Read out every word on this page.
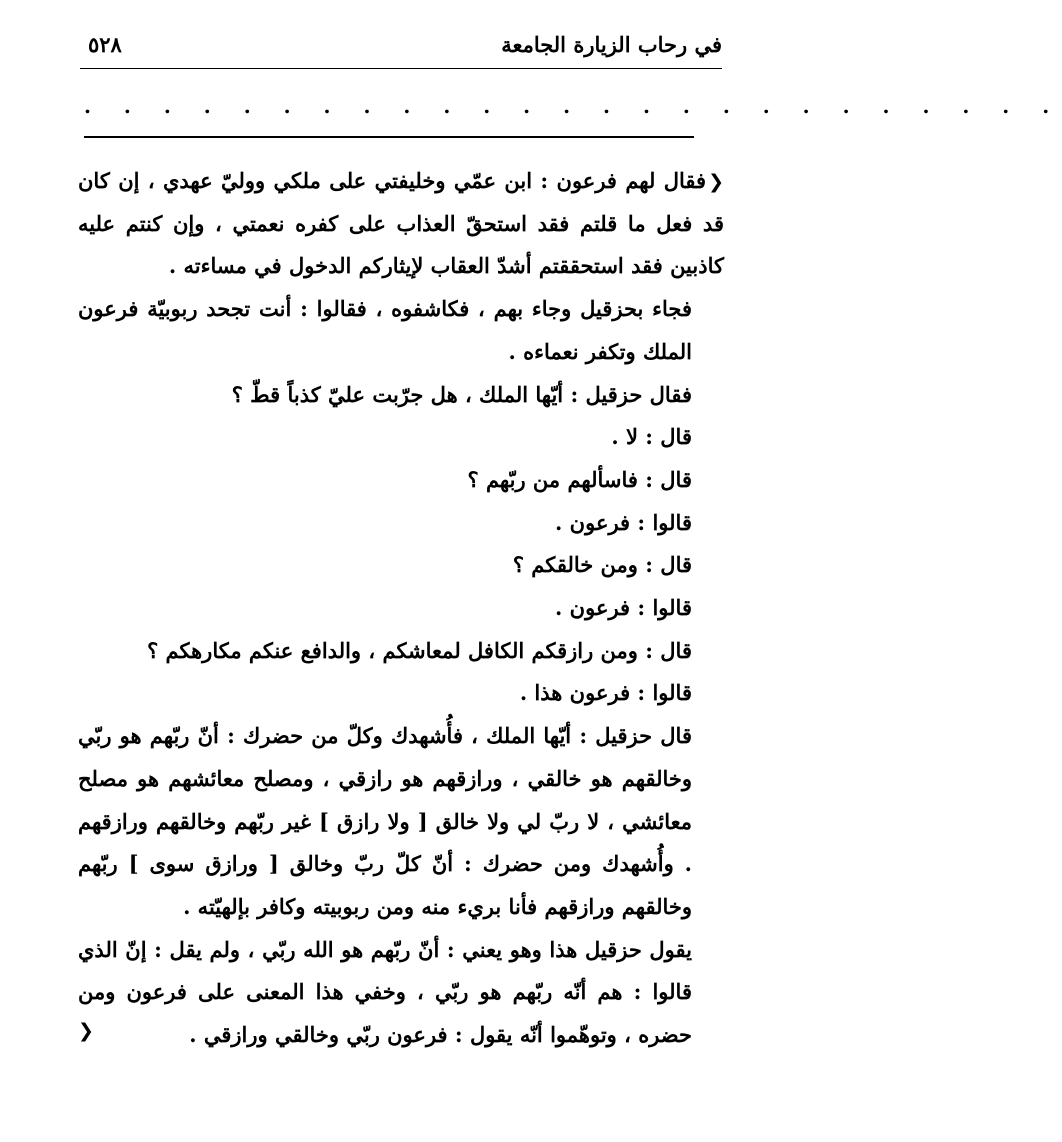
في رحاب الزيارة الجامعة
٥٢٨
. . . . . . . . . . . . . . . . . . . . . . . . .

❮فقال لهم فرعون : ابن عمّي وخليفتي على ملكي ووليّ عهدي ، إن كان قد فعل ما قلتم فقد استحقّ العذاب على كفره نعمتي ، وإن كنتم عليه كاذبين فقد استحققتم أشدّ العقاب لإيثاركم الدخول في مساءته .

فجاء بحزقيل وجاء بهم ، فكاشفوه ، فقالوا : أنت تجحد ربوبيّة فرعون الملك وتكفر نعماءه .

فقال حزقيل : أيّها الملك ، هل جرّبت عليّ كذباً قطّ ؟

قال : لا .

قال : فاسألهم من ربّهم ؟

قالوا : فرعون .

قال : ومن خالقكم ؟

قالوا : فرعون .

قال : ومن رازقكم الكافل لمعاشكم ، والدافع عنكم مكارهكم ؟

قالوا : فرعون هذا .

قال حزقيل : أيّها الملك ، فأُشهدك وكلّ من حضرك : أنّ ربّهم هو ربّي وخالقهم هو خالقي ، ورازقهم هو رازقي ، ومصلح معائشهم هو مصلح معائشي ، لا ربّ لي ولا خالق [ ولا رازق ] غير ربّهم وخالقهم ورازقهم . وأُشهدك ومن حضرك : أنّ كلّ ربّ وخالق [ ورازق سوى ] ربّهم وخالقهم ورازقهم فأنا بريء منه ومن ربوبيته وكافر بإلهيّته .

يقول حزقيل هذا وهو يعني : أنّ ربّهم هو الله ربّي ، ولم يقل : إنّ الذي قالوا : هم أنّه ربّهم هو ربّي ، وخفي هذا المعنى على فرعون ومن حضره ، وتوهّموا أنّه يقول : فرعون ربّي وخالقي ورازقي .

❯
